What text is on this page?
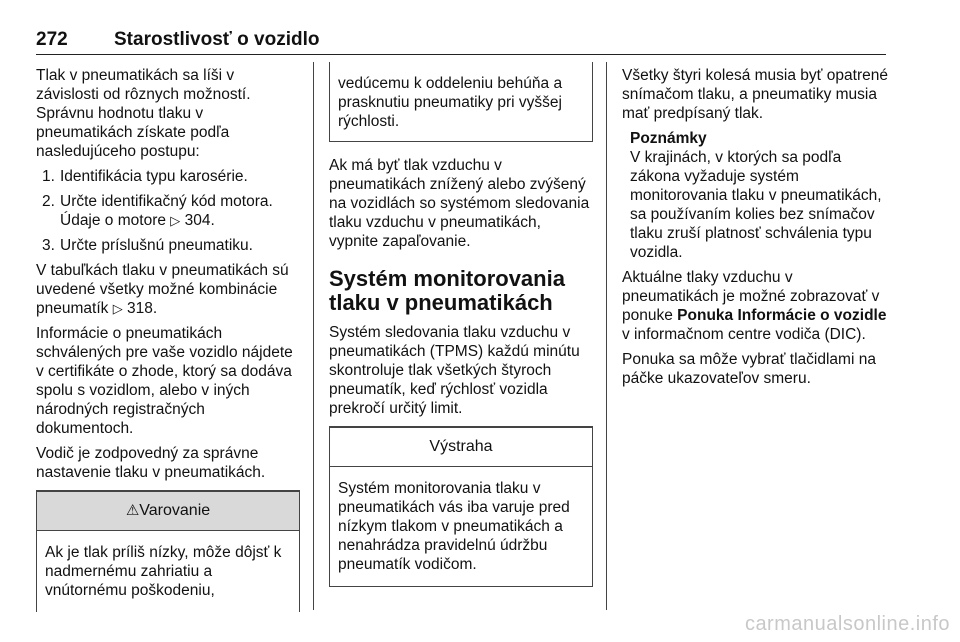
272 Starostlivosť o vozidlo

Tlak v pneumatikách sa líši v závislosti od rôznych možností. Správnu hodnotu tlaku v pneumatikách získate podľa nasledujúceho postupu:

1. Identifikácia typu karosérie.
2. Určte identifikačný kód motora. Údaje o motore ▷ 304.
3. Určte príslušnú pneumatiku.

V tabuľkách tlaku v pneumatikách sú uvedené všetky možné kombinácie pneumatík ▷ 318.

Informácie o pneumatikách schválených pre vaše vozidlo nájdete v certifikáte o zhode, ktorý sa dodáva spolu s vozidlom, alebo v iných národných registračných dokumentoch.

Vodič je zodpovedný za správne nastavenie tlaku v pneumatikách.

⚠Varovanie
Ak je tlak príliš nízky, môže dôjsť k nadmernému zahriatiu a vnútornému poškodeniu,
vedúcemu k oddeleniu behúňa a prasknutiu pneumatiky pri vyššej rýchlosti.

Ak má byť tlak vzduchu v pneumatikách znížený alebo zvýšený na vozidlách so systémom sledovania tlaku vzduchu v pneumatikách, vypnite zapaľovanie.

Systém monitorovania tlaku v pneumatikách

Systém sledovania tlaku vzduchu v pneumatikách (TPMS) každú minútu skontroluje tlak všetkých štyroch pneumatík, keď rýchlosť vozidla prekročí určitý limit.

Výstraha
Systém monitorovania tlaku v pneumatikách vás iba varuje pred nízkym tlakom v pneumatikách a nenahrádza pravidelnú údržbu pneumatík vodičom.

Všetky štyri kolesá musia byť opatrené snímačom tlaku, a pneumatiky musia mať predpísaný tlak.

Poznámky
V krajinách, v ktorých sa podľa zákona vyžaduje systém monitorovania tlaku v pneumatikách, sa používaním kolies bez snímačov tlaku zruší platnosť schválenia typu vozidla.

Aktuálne tlaky vzduchu v pneumatikách je možné zobrazovať v ponuke Ponuka Informácie o vozidle v informačnom centre vodiča (DIC).

Ponuka sa môže vybrať tlačidlami na páčke ukazovateľov smeru.

carmanualsonline.info
